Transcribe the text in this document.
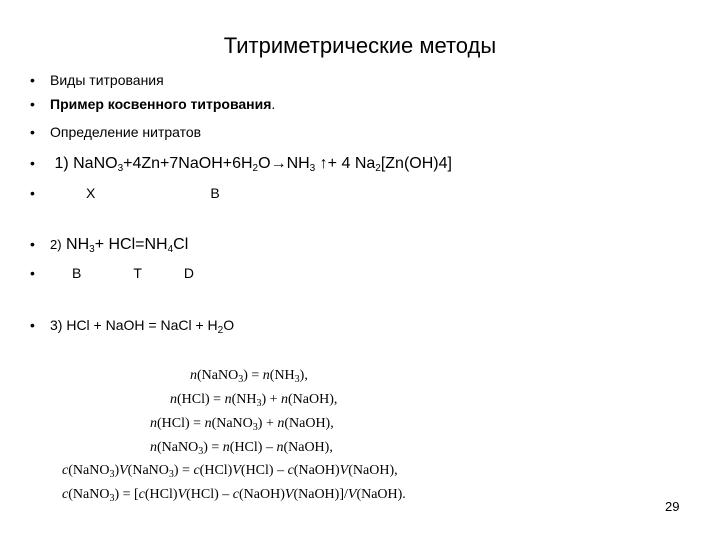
Титриметрические методы
• Виды титрования
• Пример косвенного титрования.
• Определение нитратов
• 1) $NaNO_3+4Zn+7NaOH+6H_2O\to NH_3$ ↑+ 4 $Na_2[Zn(OH)4]$
•	X	B
• 2) $NH_3+ HCl=NH_4Cl$
•	B	T	D
• 3) HCl + NaOH = NaCl + $H_2O$
n(NaNO$_3$) = $n(NH_3)$,
$n(HCl) = n(NH_3)$ + n(NaOH),
n(HCl) = n(NaNO$_3$) + n(NaOH),
n(NaNO$_3$) = n(HCl) – n(NaOH),
c(NaNO$_3$)V(NaNO$_3$) = c(HCl)V(HCl) – c(NaOH)V(NaOH),
c(NaNO$_3$) = [c(HCl)V(HCl) – c(NaOH)V(NaOH)]/V(NaOH).
29
